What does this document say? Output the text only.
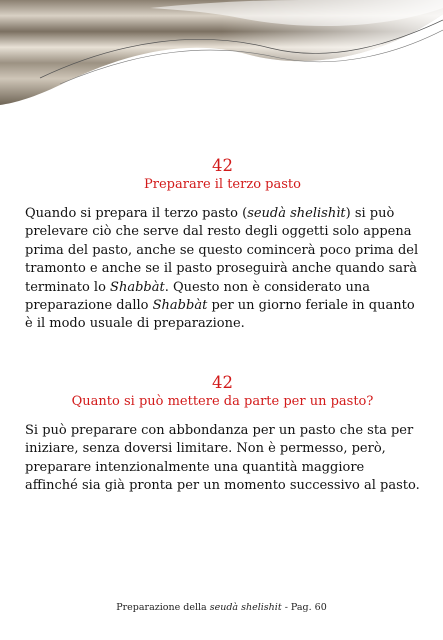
42
Preparare il terzo pasto
Quando si prepara il terzo pasto (seudà shelishìt) si può prelevare ciò che serve dal resto degli oggetti solo appena prima del pasto, anche se questo comincerà poco prima del tramonto e anche se il pasto proseguirà anche quando sarà terminato lo Shabbàt. Questo non è considerato una preparazione dallo Shabbàt per un giorno feriale in quanto è il modo usuale di preparazione.
42
Quanto si può mettere da parte per un pasto?
Si può preparare con abbondanza per un pasto che sta per iniziare, senza doversi limitare. Non è permesso, però, preparare intenzionalmente una quantità maggiore affinché sia già pronta per un momento successivo al pasto.
Preparazione della seudà shelishit - Pag. 60
